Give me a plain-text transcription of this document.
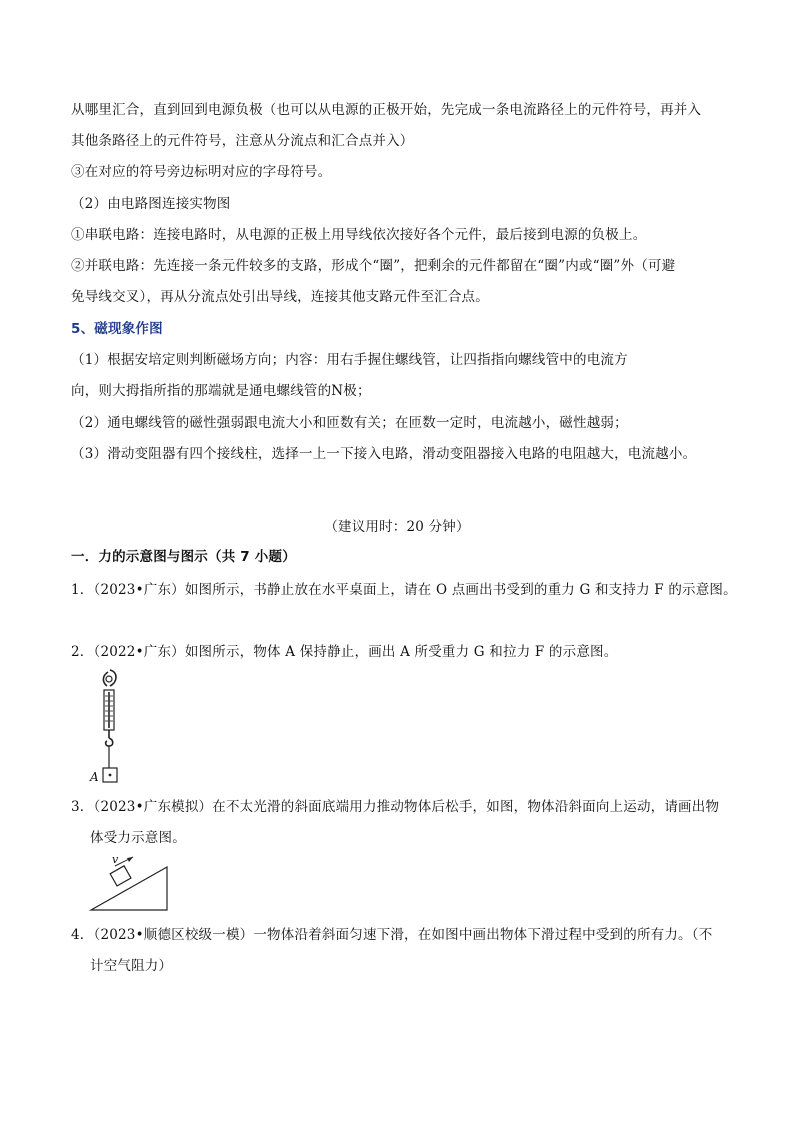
从哪里汇合，直到回到电源负极（也可以从电源的正极开始，先完成一条电流路径上的元件符号，再并入
其他条路径上的元件符号，注意从分流点和汇合点并入）
③在对应的符号旁边标明对应的字母符号。
（2）由电路图连接实物图
①串联电路：连接电路时，从电源的正极上用导线依次接好各个元件，最后接到电源的负极上。
②并联电路：先连接一条元件较多的支路，形成个“圈”，把剩余的元件都留在“圈”内或“圈”外（可避
免导线交叉），再从分流点处引出导线，连接其他支路元件至汇合点。
5、磁现象作图
（1）根据安培定则判断磁场方向；内容：用右手握住螺线管，让四指指向螺线管中的电流方
向，则大拇指所指的那端就是通电螺线管的N极；
（2）通电螺线管的磁性强弱跟电流大小和匝数有关；在匝数一定时，电流越小，磁性越弱；
（3）滑动变阻器有四个接线柱，选择一上一下接入电路，滑动变阻器接入电路的电阻越大，电流越小。
（建议用时：20 分钟）
一．力的示意图与图示（共 7 小题）
1．（2023•广东）如图所示，书静止放在水平桌面上，请在 O 点画出书受到的重力 G 和支持力 F 的示意图。
2．（2022•广东）如图所示，物体 A 保持静止，画出 A 所受重力 G 和拉力 F 的示意图。
A
3．（2023•广东模拟）在不太光滑的斜面底端用力推动物体后松手，如图，物体沿斜面向上运动，请画出物
体受力示意图。
v
4．（2023•顺德区校级一模）一物体沿着斜面匀速下滑，在如图中画出物体下滑过程中受到的所有力。（不
计空气阻力）
